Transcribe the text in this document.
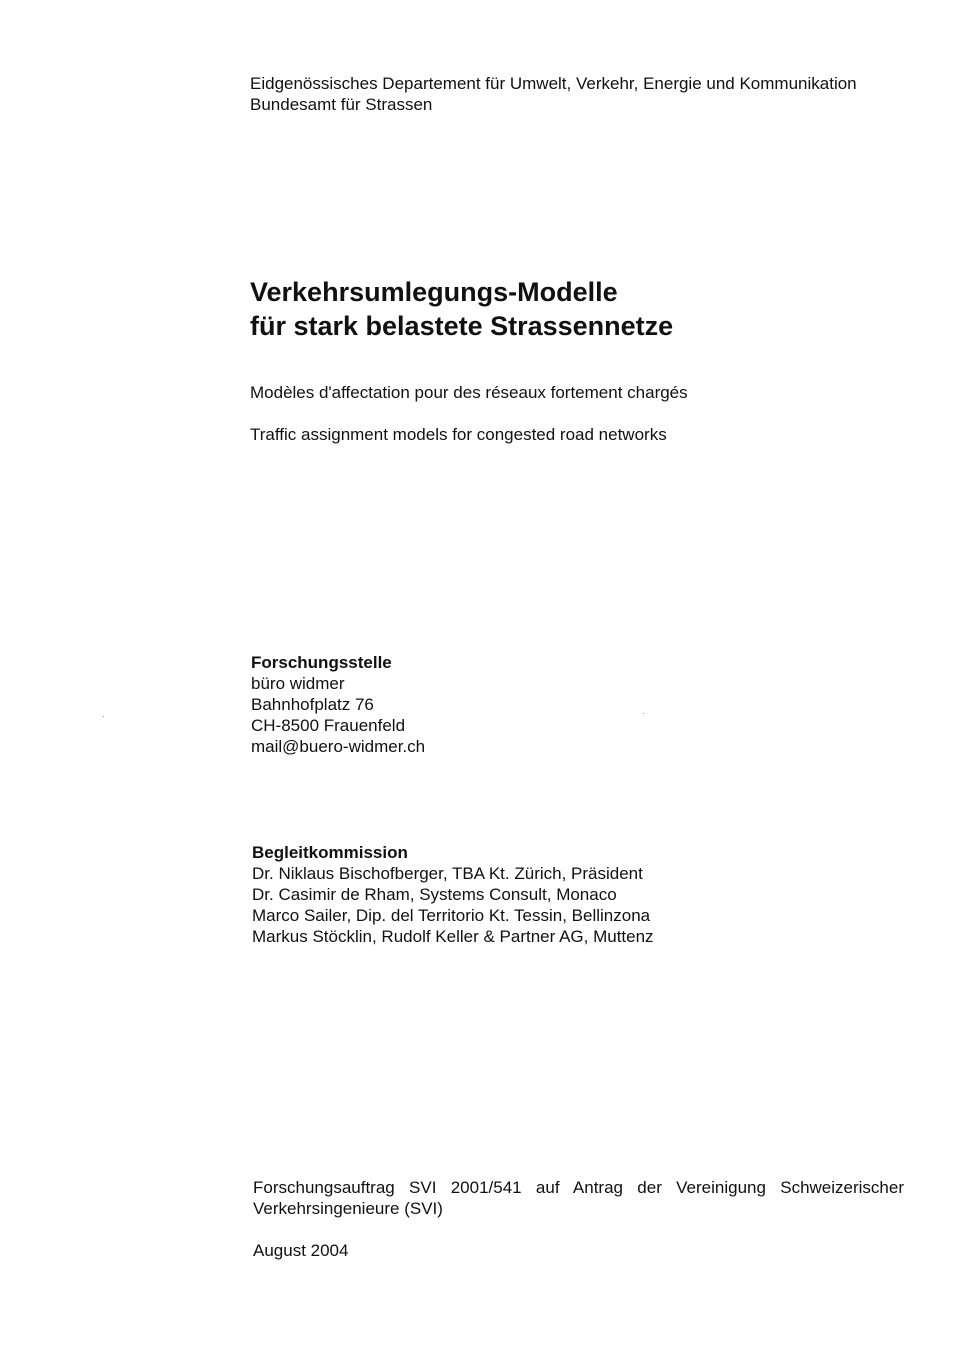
Eidgenössisches Departement für Umwelt, Verkehr, Energie und Kommunikation
Bundesamt für Strassen
Verkehrsumlegungs-Modelle
für stark belastete Strassennetze
Modèles d'affectation pour des réseaux fortement chargés
Traffic assignment models for congested road networks
Forschungsstelle
büro widmer
Bahnhofplatz 76
CH-8500 Frauenfeld
mail@buero-widmer.ch
Begleitkommission
Dr. Niklaus Bischofberger, TBA Kt. Zürich, Präsident
Dr. Casimir de Rham, Systems Consult, Monaco
Marco Sailer, Dip. del Territorio Kt. Tessin, Bellinzona
Markus Stöcklin, Rudolf Keller & Partner AG, Muttenz

Forschungsauftrag SVI 2001/541 auf Antrag der Vereinigung Schweizerischer Verkehrsingenieure (SVI)

August 2004
